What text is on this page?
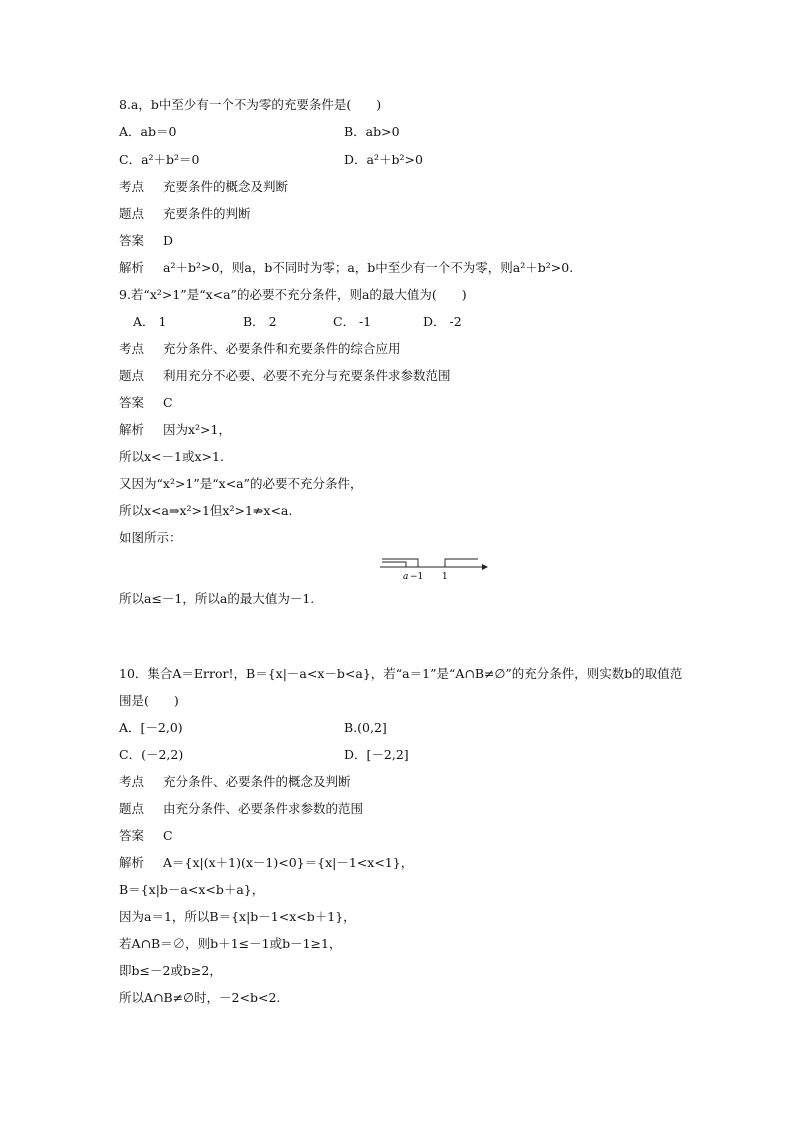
8.a，b中至少有一个不为零的充要条件是(　　)
A．ab＝0	B．ab>0
C．a²＋b²＝0	D．a²＋b²>0
考点 充要条件的概念及判断
题点 充要条件的判断
答案 D
解析 a²＋b²>0，则a，b不同时为零；a，b中至少有一个不为零，则a²＋b²>0.
9.若“x²>1”是“x<a”的必要不充分条件，则a的最大值为(　　)
A． 1	B． 2	C． -1	D． -2
考点 充分条件、必要条件和充要条件的综合应用
题点 利用充分不必要、必要不充分与充要条件求参数范围
答案 C
解析 因为x²>1，
所以x<－1或x>1.
又因为“x²>1”是“x<a”的必要不充分条件，
所以x<a⇒x²>1但x²>1⇏x<a.
如图所示：
a −1 1
所以a≤－1，所以a的最大值为－1.
10．集合A＝Error!，B＝{x|－a<x－b<a}，若“a＝1”是“A∩B≠∅”的充分条件，则实数b的取值范
围是(　　)
A．[－2,0)	B.(0,2]
C．(－2,2)	D．[－2,2]
考点 充分条件、必要条件的概念及判断
题点 由充分条件、必要条件求参数的范围
答案 C
解析 A＝{x|(x＋1)(x－1)<0}＝{x|－1<x<1}，
B＝{x|b－a<x<b＋a}，
因为a＝1，所以B＝{x|b－1<x<b＋1}，
若A∩B＝∅，则b＋1≤－1或b－1≥1，
即b≤－2或b≥2，
所以A∩B≠∅时，－2<b<2.
